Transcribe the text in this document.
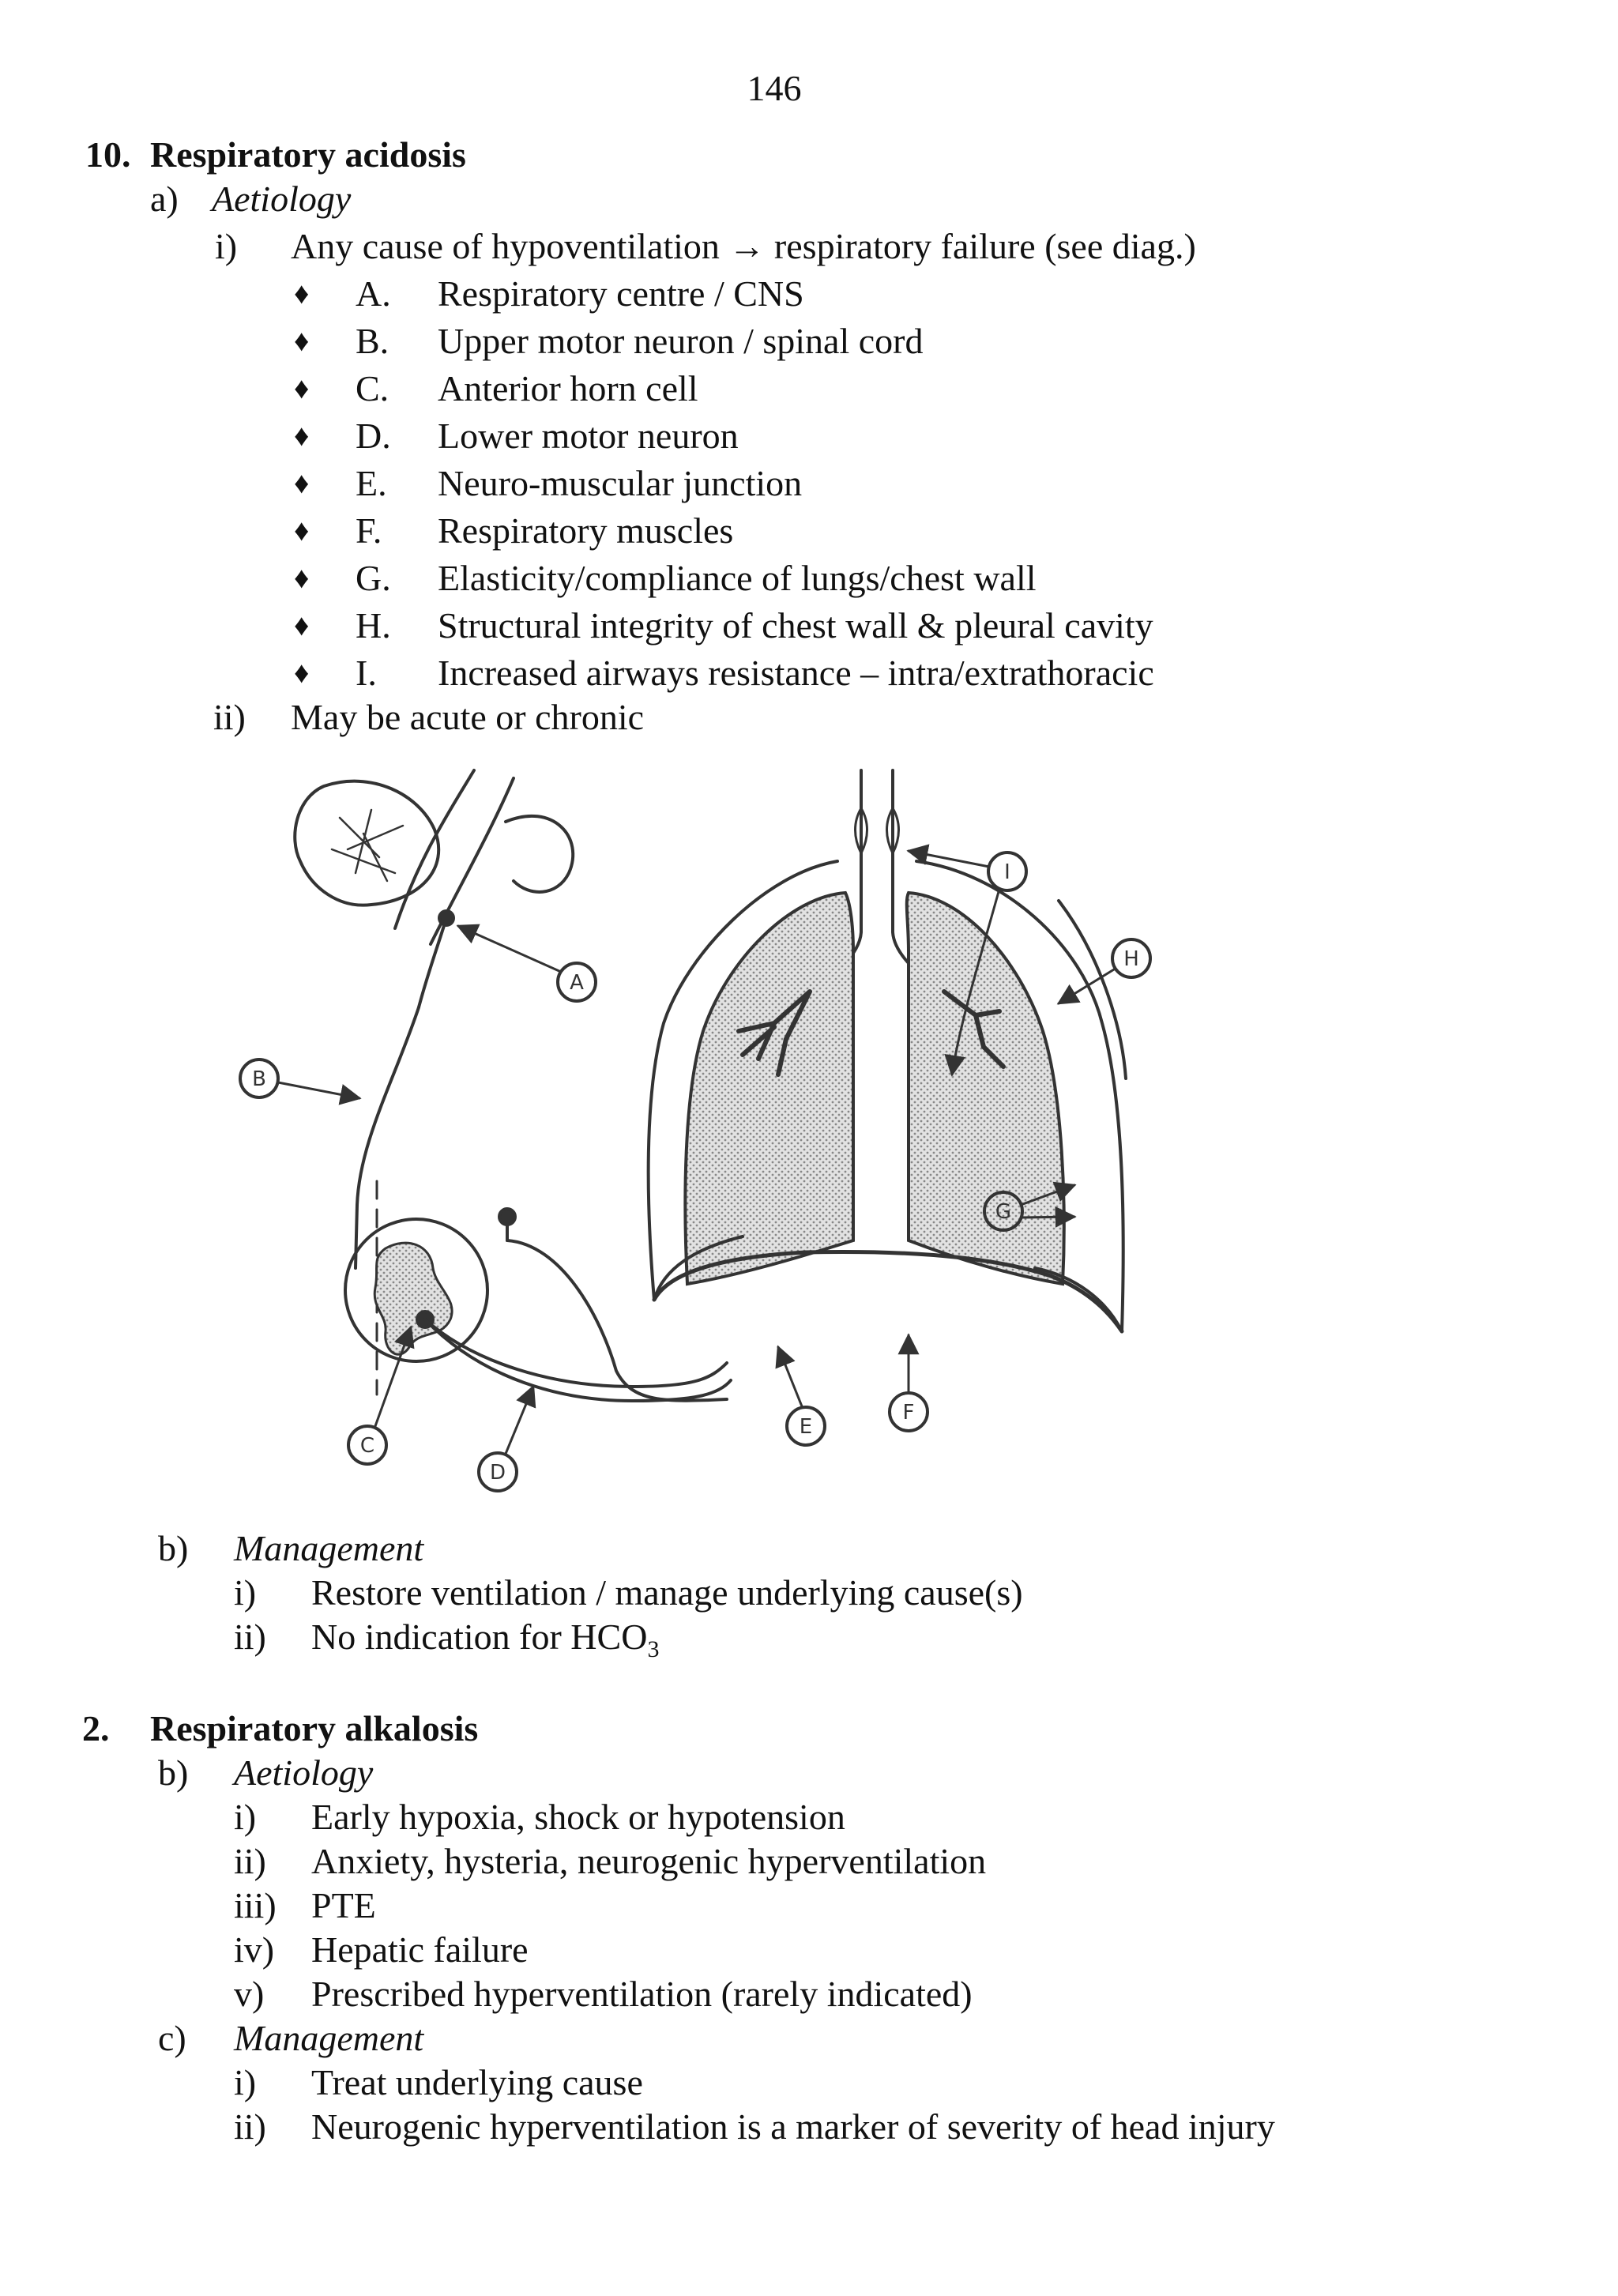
146
10. Respiratory acidosis
a) Aetiology
i) Any cause of hypoventilation → respiratory failure (see diag.)
♦ A. Respiratory centre / CNS
♦ B. Upper motor neuron / spinal cord
♦ C. Anterior horn cell
♦ D. Lower motor neuron
♦ E. Neuro-muscular junction
♦ F. Respiratory muscles
♦ G. Elasticity/compliance of lungs/chest wall
♦ H. Structural integrity of chest wall & pleural cavity
♦ I. Increased airways resistance – intra/extrathoracic
ii) May be acute or chronic
A
B
C
D
E
F
G
H
I
b) Management
i) Restore ventilation / manage underlying cause(s)
ii) No indication for $HCO_3$
2. Respiratory alkalosis
b) Aetiology
i) Early hypoxia, shock or hypotension
ii) Anxiety, hysteria, neurogenic hyperventilation
iii) PTE
iv) Hepatic failure
v) Prescribed hyperventilation (rarely indicated)
c) Management
i) Treat underlying cause
ii) Neurogenic hyperventilation is a marker of severity of head injury
